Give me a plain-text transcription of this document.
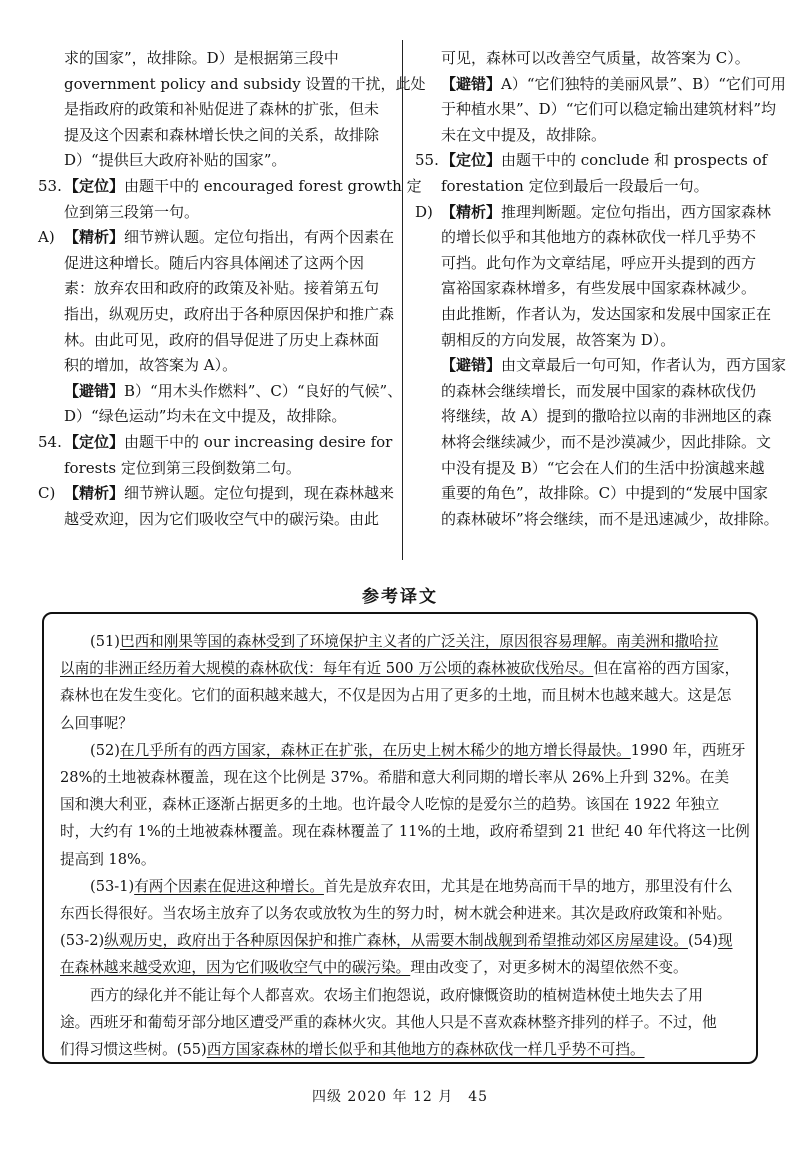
求的国家”，故排除。D）是根据第三段中
government policy and subsidy 设置的干扰，此处
是指政府的政策和补贴促进了森林的扩张，但未
提及这个因素和森林增长快之间的关系，故排除
D）“提供巨大政府补贴的国家”。
53. 【定位】由题干中的 encouraged forest growth 定
位到第三段第一句。
A) 【精析】细节辨认题。定位句指出，有两个因素在
促进这种增长。随后内容具体阐述了这两个因
素：放弃农田和政府的政策及补贴。接着第五句
指出，纵观历史，政府出于各种原因保护和推广森
林。由此可见，政府的倡导促进了历史上森林面
积的增加，故答案为 A）。
【避错】B）“用木头作燃料”、C）“良好的气候”、
D）“绿色运动”均未在文中提及，故排除。
54. 【定位】由题干中的 our increasing desire for
forests 定位到第三段倒数第二句。
C) 【精析】细节辨认题。定位句提到，现在森林越来
越受欢迎，因为它们吸收空气中的碳污染。由此
可见，森林可以改善空气质量，故答案为 C）。
【避错】A）“它们独特的美丽风景”、B）“它们可用
于种植水果”、D）“它们可以稳定输出建筑材料”均
未在文中提及，故排除。
55. 【定位】由题干中的 conclude 和 prospects of
forestation 定位到最后一段最后一句。
D) 【精析】推理判断题。定位句指出，西方国家森林
的增长似乎和其他地方的森林砍伐一样几乎势不
可挡。此句作为文章结尾，呼应开头提到的西方
富裕国家森林增多，有些发展中国家森林减少。
由此推断，作者认为，发达国家和发展中国家正在
朝相反的方向发展，故答案为 D）。
【避错】由文章最后一句可知，作者认为，西方国家
的森林会继续增长，而发展中国家的森林砍伐仍
将继续，故 A）提到的撒哈拉以南的非洲地区的森
林将会继续减少，而不是沙漠减少，因此排除。文
中没有提及 B）“它会在人们的生活中扮演越来越
重要的角色”，故排除。C）中提到的“发展中国家
的森林破坏”将会继续，而不是迅速减少，故排除。
参考译文

(51)巴西和刚果等国的森林受到了环境保护主义者的广泛关注，原因很容易理解。南美洲和撒哈拉
以南的非洲正经历着大规模的森林砍伐：每年有近 500 万公顷的森林被砍伐殆尽。但在富裕的西方国家，
森林也在发生变化。它们的面积越来越大，不仅是因为占用了更多的土地，而且树木也越来越大。这是怎
么回事呢？

(52)在几乎所有的西方国家，森林正在扩张，在历史上树木稀少的地方增长得最快。1990 年，西班牙
28%的土地被森林覆盖，现在这个比例是 37%。希腊和意大利同期的增长率从 26%上升到 32%。在美
国和澳大利亚，森林正逐渐占据更多的土地。也许最令人吃惊的是爱尔兰的趋势。该国在 1922 年独立
时，大约有 1%的土地被森林覆盖。现在森林覆盖了 11%的土地，政府希望到 21 世纪 40 年代将这一比例
提高到 18%。

(53-1)有两个因素在促进这种增长。首先是放弃农田，尤其是在地势高而干旱的地方，那里没有什么
东西长得很好。当农场主放弃了以务农或放牧为生的努力时，树木就会种进来。其次是政府政策和补贴。
(53-2)纵观历史，政府出于各种原因保护和推广森林，从需要木制战舰到希望推动郊区房屋建设。(54)现
在森林越来越受欢迎，因为它们吸收空气中的碳污染。理由改变了，对更多树木的渴望依然不变。

西方的绿化并不能让每个人都喜欢。农场主们抱怨说，政府慷慨资助的植树造林使土地失去了用
途。西班牙和葡萄牙部分地区遭受严重的森林火灾。其他人只是不喜欢森林整齐排列的样子。不过，他
们得习惯这些树。(55)西方国家森林的增长似乎和其他地方的森林砍伐一样几乎势不可挡。

四级 2020 年 12 月　45
